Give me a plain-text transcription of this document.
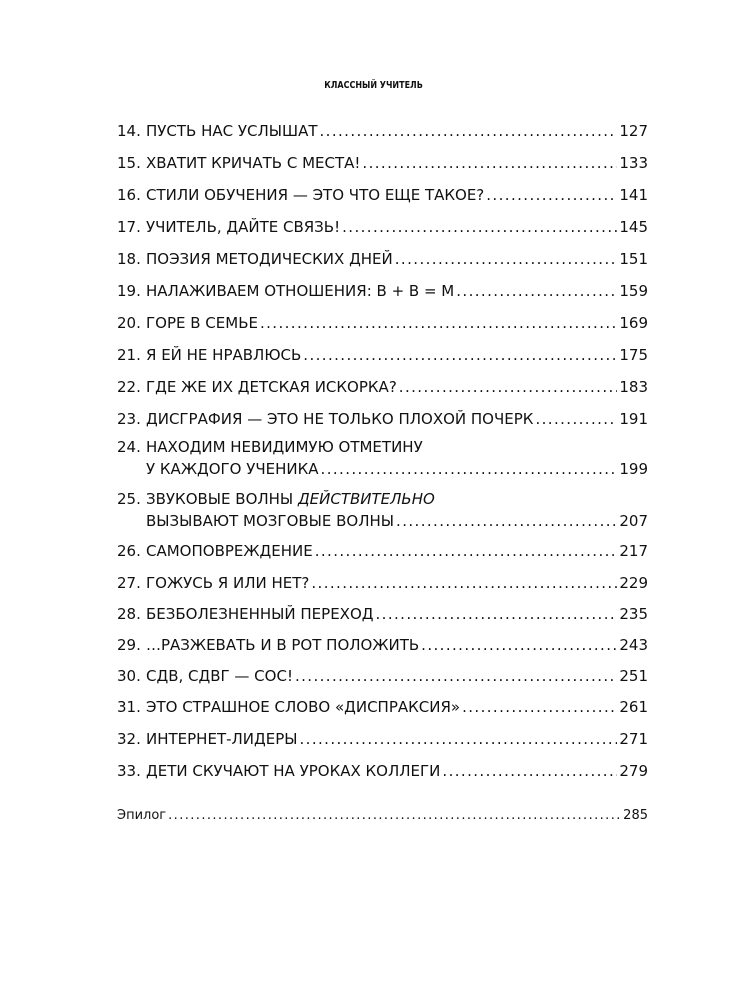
КЛАССНЫЙ УЧИТЕЛЬ
14. ПУСТЬ НАС УСЛЫШАТ .....	127
15. ХВАТИТ КРИЧАТЬ С МЕСТА! .....	133
16. СТИЛИ ОБУЧЕНИЯ — ЭТО ЧТО ЕЩЕ ТАКОЕ? .....	141
17. УЧИТЕЛЬ, ДАЙТЕ СВЯЗЬ! .....	145
18. ПОЭЗИЯ МЕТОДИЧЕСКИХ ДНЕЙ .....	151
19. НАЛАЖИВАЕМ ОТНОШЕНИЯ: В + В = М .....	159
20. ГОРЕ В СЕМЬЕ .....	169
21. Я ЕЙ НЕ НРАВЛЮСЬ .....	175
22. ГДЕ ЖЕ ИХ ДЕТСКАЯ ИСКОРКА? .....	183
23. ДИСГРАФИЯ — ЭТО НЕ ТОЛЬКО ПЛОХОЙ ПОЧЕРК .....	191
24. НАХОДИМ НЕВИДИМУЮ ОТМЕТИНУ
У КАЖДОГО УЧЕНИКА .....	199
25. ЗВУКОВЫЕ ВОЛНЫ ДЕЙСТВИТЕЛЬНО
ВЫЗЫВАЮТ МОЗГОВЫЕ ВОЛНЫ .....	207
26. САМОПОВРЕЖДЕНИЕ .....	217
27. ГОЖУСЬ Я ИЛИ НЕТ? .....	229
28. БЕЗБОЛЕЗНЕННЫЙ ПЕРЕХОД .....	235
29. …РАЗЖЕВАТЬ И В РОТ ПОЛОЖИТЬ .....	243
30. СДВ, СДВГ — СОС! .....	251
31. ЭТО СТРАШНОЕ СЛОВО «ДИСПРАКСИЯ» .....	261
32. ИНТЕРНЕТ-ЛИДЕРЫ .....	271
33. ДЕТИ СКУЧАЮТ НА УРОКАХ КОЛЛЕГИ .....	279
Эпилог .....	285
